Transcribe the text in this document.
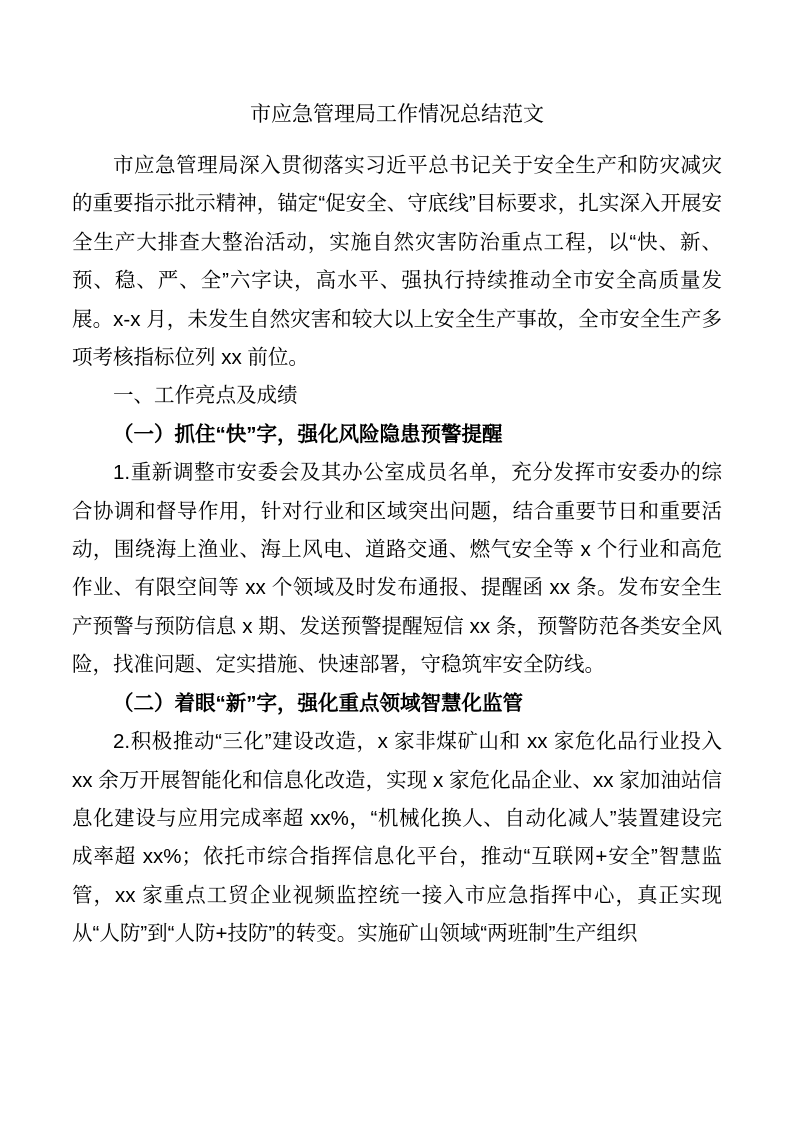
市应急管理局工作情况总结范文

市应急管理局深入贯彻落实习近平总书记关于安全生产和防灾减灾的重要指示批示精神，锚定“促安全、守底线”目标要求，扎实深入开展安全生产大排查大整治活动，实施自然灾害防治重点工程，以“快、新、预、稳、严、全”六字诀，高水平、强执行持续推动全市安全高质量发展。x-x 月，未发生自然灾害和较大以上安全生产事故，全市安全生产多项考核指标位列 xx 前位。

一、工作亮点及成绩

（一）抓住“快”字，强化风险隐患预警提醒

1.重新调整市安委会及其办公室成员名单，充分发挥市安委办的综合协调和督导作用，针对行业和区域突出问题，结合重要节日和重要活动，围绕海上渔业、海上风电、道路交通、燃气安全等 x 个行业和高危作业、有限空间等 xx 个领域及时发布通报、提醒函 xx 条。发布安全生产预警与预防信息 x 期、发送预警提醒短信 xx 条，预警防范各类安全风险，找准问题、定实措施、快速部署，守稳筑牢安全防线。

（二）着眼“新”字，强化重点领域智慧化监管

2.积极推动“三化”建设改造，x 家非煤矿山和 xx 家危化品行业投入 xx 余万开展智能化和信息化改造，实现 x 家危化品企业、xx 家加油站信息化建设与应用完成率超 xx%，“机械化换人、自动化减人”装置建设完成率超 xx%；依托市综合指挥信息化平台，推动“互联网+安全”智慧监管，xx 家重点工贸企业视频监控统一接入市应急指挥中心，真正实现从“人防”到“人防+技防”的转变。实施矿山领域“两班制”生产组织
